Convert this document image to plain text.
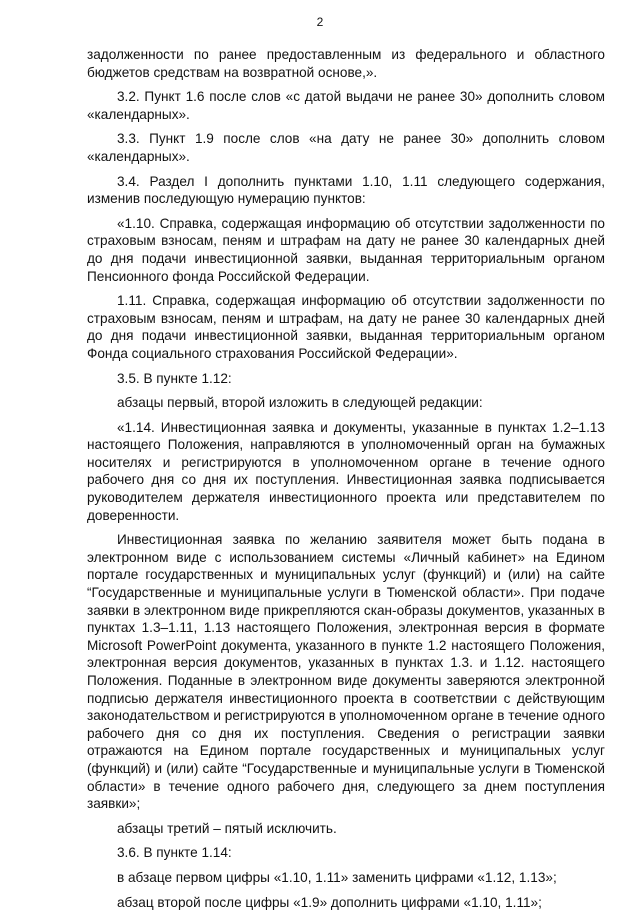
2

задолженности по ранее предоставленным из федерального и областного бюджетов средствам на возвратной основе,».

3.2. Пункт 1.6 после слов «с датой выдачи не ранее 30» дополнить словом «календарных».

3.3. Пункт 1.9 после слов «на дату не ранее 30» дополнить словом «календарных».

3.4. Раздел I дополнить пунктами 1.10, 1.11 следующего содержания, изменив последующую нумерацию пунктов:

«1.10. Справка, содержащая информацию об отсутствии задолженности по страховым взносам, пеням и штрафам на дату не ранее 30 календарных дней до дня подачи инвестиционной заявки, выданная территориальным органом Пенсионного фонда Российской Федерации.

1.11. Справка, содержащая информацию об отсутствии задолженности по страховым взносам, пеням и штрафам, на дату не ранее 30 календарных дней до дня подачи инвестиционной заявки, выданная территориальным органом Фонда социального страхования Российской Федерации».

3.5. В пункте 1.12:

абзацы первый, второй изложить в следующей редакции:

«1.14. Инвестиционная заявка и документы, указанные в пунктах 1.2–1.13 настоящего Положения, направляются в уполномоченный орган на бумажных носителях и регистрируются в уполномоченном органе в течение одного рабочего дня со дня их поступления. Инвестиционная заявка подписывается руководителем держателя инвестиционного проекта или представителем по доверенности.

Инвестиционная заявка по желанию заявителя может быть подана в электронном виде с использованием системы «Личный кабинет» на Едином портале государственных и муниципальных услуг (функций) и (или) на сайте “Государственные и муниципальные услуги в Тюменской области». При подаче заявки в электронном виде прикрепляются скан-образы документов, указанных в пунктах 1.3–1.11, 1.13 настоящего Положения, электронная версия в формате Microsoft PowerPoint документа, указанного в пункте 1.2 настоящего Положения, электронная версия документов, указанных в пунктах 1.3. и 1.12. настоящего Положения. Поданные в электронном виде документы заверяются электронной подписью держателя инвестиционного проекта в соответствии с действующим законодательством и регистрируются в уполномоченном органе в течение одного рабочего дня со дня их поступления. Сведения о регистрации заявки отражаются на Едином портале государственных и муниципальных услуг (функций) и (или) сайте “Государственные и муниципальные услуги в Тюменской области» в течение одного рабочего дня, следующего за днем поступления заявки»;

абзацы третий – пятый исключить.

3.6. В пункте 1.14:

в абзаце первом цифры «1.10, 1.11» заменить цифрами «1.12, 1.13»;

абзац второй после цифры «1.9» дополнить цифрами «1.10, 1.11»;
